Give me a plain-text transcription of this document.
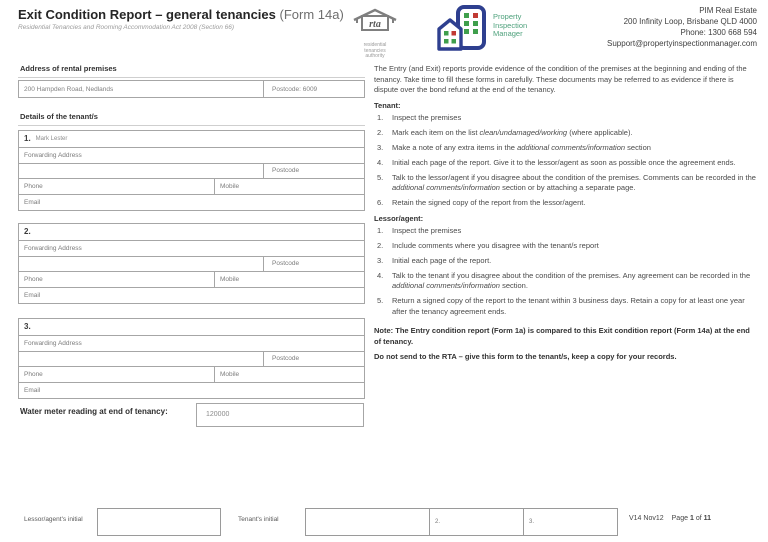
Exit Condition Report – general tenancies (Form 14a)
Residential Tenancies and Rooming Accommodation Act 2008 (Section 66)	rta
residential
tenancies
authority
Property
Inspection
Manager
PIM Real Estate
200 Infinity Loop, Brisbane QLD 4000
Phone: 1300 668 594
Support@propertyinspectionmanager.com
Address of rental premises
200 Hampden Road, Nedlands	Postcode: 6009
Details of the tenant/s
1. Mark Lester
Forwarding Address
Postcode
Phone	Mobile
Email
2.
Forwarding Address
Postcode
Phone	Mobile
Email
3.
Forwarding Address
Postcode
Phone	Mobile
Email
Water meter reading at end of tenancy:	120000
The Entry (and Exit) reports provide evidence of the condition of the premises at the beginning and ending of the tenancy. Take time to fill these forms in carefully. These documents may be referred to as evidence if there is dispute over the bond refund at the end of the tenancy.
Tenant:
1.	Inspect the premises
2.	Mark each item on the list clean/undamaged/working (where applicable).
3.	Make a note of any extra items in the additional comments/information section
4.	Initial each page of the report. Give it to the lessor/agent as soon as possible once the agreement ends.
5.	Talk to the lessor/agent if you disagree about the condition of the premises. Comments can be recorded in the additional comments/information section or by attaching a separate page.
6.	Retain the signed copy of the report from the lessor/agent.
Lessor/agent:
1.	Inspect the premises
2.	Include comments where you disagree with the tenant/s report
3.	Initial each page of the report.
4.	Talk to the tenant if you disagree about the condition of the premises. Any agreement can be recorded in the additional comments/information section.
5.	Return a signed copy of the report to the tenant within 3 business days. Retain a copy for at least one year after the tenancy agreement ends.
Note: The Entry condition report (Form 1a) is compared to this Exit condition report (Form 14a) at the end of tenancy.
Do not send to the RTA – give this form to the tenant/s, keep a copy for your records.
Lessor/agent's initial	Tenant's initial	2.	3.	V14 Nov12 Page 1 of 11
